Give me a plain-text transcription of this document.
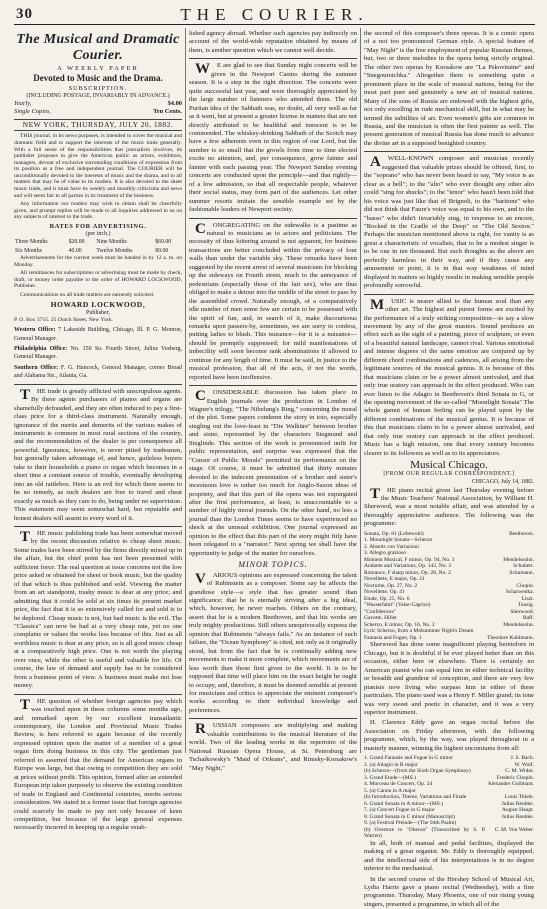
30	THE COURIER.
The Musical and Dramatic Courier.
A WEEKLY PAPER
Devoted to Music and the Drama.
SUBSCRIPTION.
(INCLUDING POSTAGE, INVARIABLY IN ADVANCE.)
Yearly,	$4.00
Single Copies,	Ten Cents.
NEW YORK, THURSDAY, JULY 20, 1882.

THIS journal, in its news purposes, is intended to cover the musical and dramatic field and to support the interests of the music trade generally. With a full sense of the responsibilities that journalism involves, its publisher proposes to give the American public as artists, exhibitors, managers, devout of exclusive surrounding conditions of expression from its position as a free and independent journal. The COURIER will be unconditionally devoted to the interests of music and the drama, and to all matters that may be of value to its readers. It is also devoted to the sheet music trade, and it must have its weekly and monthly criticisms and news and will seem fair to all parties in its treatment of the business.

Any information our readers may wish to obtain shall be cheerfully given, and prompt replies will be made to all inquiries addressed to us on any subjects of interest to the trade.

RATES FOR ADVERTISING.
(per inch.)
Three Months	$20.00	Nine Months	$60.00
Six Months	40.00	Twelve Months	80.00

Advertisements for the current week must be handed in by 12 a. m. on Monday.

All remittances for subscriptions or advertising must be made by check, draft, or money order payable to the order of HOWARD LOCKWOOD, Publisher.

Communications on all trade matters are earnestly solicited.

HOWARD LOCKWOOD,
Publisher,
P. O. Box 3715. 25 Dutch Street, New York.
Western Office: 7 Lakeside Building, Chicago, Ill. P. G. Monroe, General Manager.
Philadelphia Office: No. 150 So. Fourth Street, Julius Vosberg, General Manager.
Southern Office: F. G. Hancock, General Manager, corner Broad and Alabama Sts., Atlanta, Ga.

THE trade is greatly afflicted with unscrupulous agents. By these agents purchasers of pianos and organs are shamefully defrauded, and they are often induced to pay a first-class price for a third-class instrument. Naturally enough, ignorance of the merits and demerits of the various makes of instruments is common in most rural sections of the country, and the recommendation of the dealer is per consequence all powerful. Ignorance, however, is never pitied by tradesmen, but generally taken advantage of, and hence, guileless buyers take to their households a piano or organ which becomes in a short time a constant source of trouble, eventually developing into an old rattlebox. Here is an evil for which there seems to be no remedy, as such dealers are free to travel and cheat exactly as much as they care to do, being under no supervision. This statement may seem somewhat hard, but reputable and honest dealers will assent to every word of it.

THE music publishing trade has been somewhat moved by the recent discussion relative to cheap sheet music. Some trades have been stirred by the firms directly mixed up in the affair, but the chief point has not been presented with sufficient force. The real question at issue concerns not the low price asked or obtained for sheet or book music, but the quality of that which is thus published and sold. Viewing the matter from an art standpoint, trashy music is dear at any price; and admitting that it could be sold at six times its present market price, the fact that it is so extensively called for and sold is to be deplored. Cheap music is not, but bad music is the evil. The "Classics" can now be had at a very cheap rate, yet no one complains or values the works less because of this. Just as all worthless music is dear at any price, so is all good music cheap at a comparatively high price. One is not worth the playing over once, while the other is useful and valuable for life. Of course, the law of demand and supply has to be considered from a business point of view. A business must make not lose money.

THE question of whether foreign agencies pay which was touched upon in these columns some months ago, and remarked upon by our excellent transatlantic contemporary, the London and Provincial Music Trades Review, is here referred to again because of the recently expressed opinion upon the matter of a member of a great organ firm doing business in this city. The gentleman just referred to asserted that the demand for American organs in Europe was large, but that owing to competition they are sold at prices without profit. This opinion, formed after an extended European trip taken purposely to observe the existing condition of trade in England and Continental countries, merits serious consideration. We stated in a former issue that foreign agencies could scarcely be made to pay not only because of keen competition, but because of the large general expenses necessarily incurred in keeping up a regular estab-

lished agency abroad. Whether such agencies pay indirectly on account of the world-wide reputation obtained by means of them, is another question which we cannot well decide.

WE are glad to see that Sunday night concerts will be given in the Newport Casino during the summer season. It is a step in the right direction. The concerts were quite successful last year, and were thoroughly appreciated by the large number of listeners who attended them. The old Puritan idea of the Sabbath was, no doubt, all very well as far as it went, but at present a greater license in matters that are not directly attributed to be healthful and innocent is to be commended. The whiskey-drinking Sabbath of the Scotch may have a few adherents even in this region of our Lord, but the number is so small that the growls from time to time elected excite no attention, and, per consequence, grow fainter and fainter with each passing year. The Newport Sunday evening concerts are conducted upon the principle—and that rightly—of a low admission, so that all respectable people, whatever their social status, may form part of the audiences. Let other summer resorts imitate the sensible example set by the fashionable leaders of Newport society.

CONGREGATING on the sidewalks is a pastime as natural to musicians as to actors and politicians. The necessity of thus loitering around is not apparent, for business transactions are better concluded within the privacy of four walls than under the variable sky. These remarks have been suggested by the recent arrest of several musicians for blocking up the sideways on Fourth street, much to the annoyance of pedestrians (especially those of the fair sex), who are thus obliged to make a detour into the middle of the street to pass by the assembled crowd. Naturally enough, of a comparatively idle number of men some few are certain to be possessed with the spirit of fun, and, in search of it, make discourteous remarks upon passers-by, sometimes, we are sorry to confess, putting ladies to blush. This nuisance—for it is a nuisance—should be promptly suppressed; for mild manifestations of imbecility will soon become rank abominations if allowed to continue for any length of time. It must be said, in justice to the musical profession, that all of the acts, if not the words, reported have been inoffensive.

CONSIDERABLE discussion has taken place in English journals over the production in London of Wagner's trilogy, "The Nibelung's Ring," concerning the moral of the plot. Some papers condemn the story in toto, especially singling out the love-feast in "Die Walküre" between brother and sister, represented by the characters Siegmund and Sieglinde. This section of the work is pronounced unfit for public representation, and surprise was expressed that the "Censor of Public Morals" permitted its performance on the stage. Of course, it must be admitted that thirty minutes devoted to the indecent presentation of a brother and sister's incestuous love is rather too much for Anglo-Saxon ideas of propriety, and that this part of the opera was not expurgated after the first performance, at least, is unaccountable to a number of highly moral journals. On the other hand, no less a journal than the London Times seems to have experienced no shock at the unusual exhibition. One journal expressed an opinion to the effect that this part of the story might fitly have been relegated to a "narrator." Next spring we shall have the opportunity to judge of the matter for ourselves.

MINOR TOPICS.

VARIOUS opinions are expressed concerning the talent of Rubinstein as a composer. Some say he affects the grandiose style—a style that has greater sound than significance; that he is eternally striving after a big ideal, which, however, he never reaches. Others on the contrary, assert that he is a modern Beethoven, and that his works are truly mighty productions. Still others unequivocally express the opinion that Rubinstein "always fails." As an instance of such failure, the "Ocean Symphony" is cited, not only as it originally stood, but from the fact that he is continually adding new movements to make it more complete, which movements are of less worth than those first given to the world. It is to be supposed that time will place him on the exact height he ought to occupy, and, therefore, it must be deemed sensible at present for musicians and critics to appreciate the eminent composer's works according to their individual knowledge and preferences.

RUSSIAN composers are multiplying and making valuable contributions to the musical literature of the world. Two of the leading works in the repertoire of the National Russian Opera House, at St. Petersburg are Tschaikowsky's "Maid of Orleans", and Rimsky-Korsakow's "May Night,"

the second of this composer's three operas. It is a comic opera of a not too pronounced German style. A special feature of "May Night" is the free employment of popular Russian themes, but, two or three melodies in the opera being strictly original. The other two operas by Korsakow are "La Pskovitaine" and "Snegourotchka." Altogether there is something quite a prominent place in the scale of musical nations, being for the most part pure and genuinely a new art of musical nations. Many of the sons of Russia are endowed with the highest gifts, not only excelling in rude mechanical skill, but in what may be termed the subtilties of art. Even women's gifts are common in Russia, and the musician is often the first painter as well. The present generation of musical Russia has done much to advance the divine art in a supposed benighted country.

AWELL-KNOWN composer and musician recently suggested that valuable prizes should be offered, first, to the "soprano" who has never been heard to say, "My voice is as clear as a bell"; to the "alto" who ever thought any other alto could "sing for shucks"; to the "tenor" who hasn't been told that his voice was just like that of Brignoli, to the "baritone" who did not think that Faure's voice was equal to his own, and to the "basso" who didn't invariably sing, in response to an encore, "Rocked in the Cradle of the Deep" or "The Old Sexton." Perhaps the musician mentioned above is right, for vanity is as great a characteristic of vocalists, that to be a modest singer is to be one in ten thousand. But such thoughts as the above are perfectly harmless in their way, and if they cause any amusement or point, it is in that way weakness of mind displayed in matters so highly results in making sensible people profoundly sorrowful.

MUSIC is nearer allied to the human soul than any other art. The highest and purest forms are excited by the performance of a truly striking composition—to say a slow movement by any of the great masters. Sound produces an effect such as the sight of a painting, piece of sculpture, or even of a beautiful natural landscape, cannot rival. Various emotional and intense degrees of the same emotion are conjured up by different chord combinations and cadences, all arising from the legitimate sources of the musical genius. It is because of this that musicians claim or be a power almost unrivaled, and that only true oratory can approach in the effect produced. Who can ever listen to the Adagio in Beethoven's third Sonata in G, or the opening movement of the so-called "Moonlight Sonata" The whole gamut of human feeling can be played upon by the different combinations of the musical genius. It is because of this that musicians claim to be a power almost unrivaled, and that only true oratory can approach in the effect produced. Music has a high mission, one that every century becomes clearer to its followers as well as to its appreciators.

Musical Chicago.
[FROM OUR REGULAR CORRESPONDENT.]
CHICAGO, July 14, 1882.

THE piano recital given last Thursday evening before the Music Teachers' National Association, by William H. Sherwood, was a most notable affair, and was attended by a thoroughly appreciative audience. The following was the programme:

Sonata, Op. 81 (Lebewohl)	Beethoven.
1. Moonlight Sonata—Scherzo	
2. Abseits con Variazioni	
3. Allegro grazioso	
Moment Musical, F minor, Op. 94, No. 3	Mendelssohn.
Andante and Variations, Op. 142, No. 3	Schubert.
Romance, F sharp minor, Op. 28, No. 2	Schumann.
Novellette, E major, Op. 21	
Nocturne, Op. 27, No. 2	Chopin.
Novellette, Op. 41	Scharwenka.
Etude, Op. 25, No. 6	Liszt.
"Wasserfahrt" (Valse-Caprice)	Tausig.
"Confidences"	Sherwood.
Gavotte, Hiller	Raff.
Scherzo, E minor, Op. 16, No. 2	Mendelssohn.
Lyric Scherzo, from a Midsummer Night's Dream	
Fantasia and Fugue, Op. 1	Theodore Kuhlmann.

Sherwood has done some magnificent playing heretofore in Chicago, but it is doubtful if he ever played better than on this occasion, either here or elsewhere. There is certainly no American pianist who can equal him in either technical facility or breadth and grandeur of conception, and there are very few pianists now living who surpass him in either of these particulars. The piano used was a Henry F. Miller grand; its tone was very sweet and poetic in character, and it was a very superior instrument.

H. Clarence Eddy gave an organ recital before the Association on Friday afternoon, with the following programme, which, by the way, was played throughout in a masterly manner, winning the highest encomiums from all:

1. Grand Fantasie and Fugue in G minor	J. S. Bach.
2. (a) Adagio in B major	W. Wolf.
(b) Scherzo—(from the Sixth Organ Symphony)	C. M. Widor.
3. Grand Etude—(MS.)	Frederic Chopin.
4. Morceau de Concert, Op. 24	Alexander Guilmant.
5. (a) Canon in A major	
(b) Introduction, Theme, Variations and Finale	Louis Thiele.
6. Grand Sonata in A minor—(MS.)	Julius Reubke.
7. (a) Concert Fugue in G major	August Haupt.
8. Grand Sonata in C minor (Manuscript)	Julius Reubke.
9. (a) Festival Prelude—(The 94th Psalm)	
(b) Overture to "Oberon" (Transcribed by S. P. Warren)	C. M. Von Weber.

In all, both of manual and pedal facilities, displayed the making of a great organist. Mr. Eddy is thoroughly equipped, and the intellectual side of his interpretations is in no degree inferior to the mechanical.

In the second course of the Hershey School of Musical Art, Lydia Harris gave a piano recital (Wednesday), with a fine programme. Thursday, Mary Phoenix, one of our rising young singers, presented a programme, in which all of the
